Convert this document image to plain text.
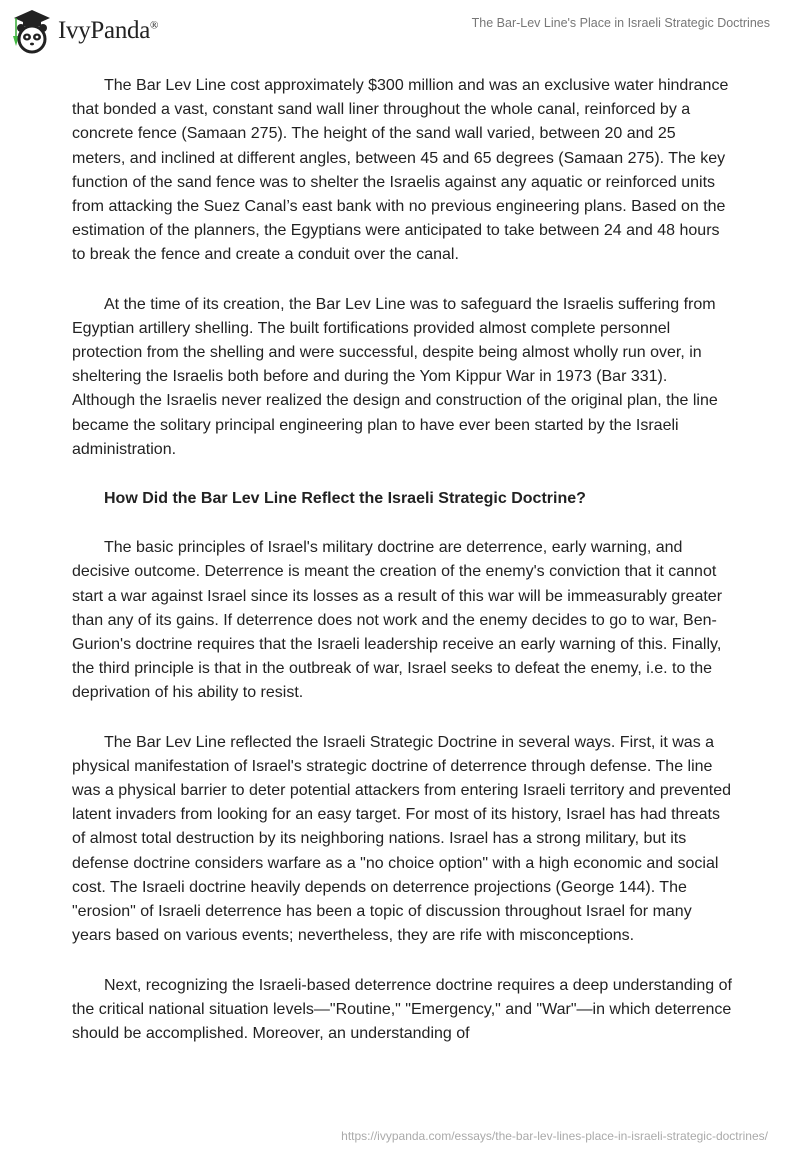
IvyPanda®	The Bar-Lev Line's Place in Israeli Strategic Doctrines

The Bar Lev Line cost approximately $300 million and was an exclusive water hindrance that bonded a vast, constant sand wall liner throughout the whole canal, reinforced by a concrete fence (Samaan 275). The height of the sand wall varied, between 20 and 25 meters, and inclined at different angles, between 45 and 65 degrees (Samaan 275). The key function of the sand fence was to shelter the Israelis against any aquatic or reinforced units from attacking the Suez Canal’s east bank with no previous engineering plans. Based on the estimation of the planners, the Egyptians were anticipated to take between 24 and 48 hours to break the fence and create a conduit over the canal.

At the time of its creation, the Bar Lev Line was to safeguard the Israelis suffering from Egyptian artillery shelling. The built fortifications provided almost complete personnel protection from the shelling and were successful, despite being almost wholly run over, in sheltering the Israelis both before and during the Yom Kippur War in 1973 (Bar 331). Although the Israelis never realized the design and construction of the original plan, the line became the solitary principal engineering plan to have ever been started by the Israeli administration.

How Did the Bar Lev Line Reflect the Israeli Strategic Doctrine?

The basic principles of Israel's military doctrine are deterrence, early warning, and decisive outcome. Deterrence is meant the creation of the enemy's conviction that it cannot start a war against Israel since its losses as a result of this war will be immeasurably greater than any of its gains. If deterrence does not work and the enemy decides to go to war, Ben-Gurion's doctrine requires that the Israeli leadership receive an early warning of this. Finally, the third principle is that in the outbreak of war, Israel seeks to defeat the enemy, i.e. to the deprivation of his ability to resist.

The Bar Lev Line reflected the Israeli Strategic Doctrine in several ways. First, it was a physical manifestation of Israel's strategic doctrine of deterrence through defense. The line was a physical barrier to deter potential attackers from entering Israeli territory and prevented latent invaders from looking for an easy target. For most of its history, Israel has had threats of almost total destruction by its neighboring nations. Israel has a strong military, but its defense doctrine considers warfare as a "no choice option" with a high economic and social cost. The Israeli doctrine heavily depends on deterrence projections (George 144). The "erosion" of Israeli deterrence has been a topic of discussion throughout Israel for many years based on various events; nevertheless, they are rife with misconceptions.

Next, recognizing the Israeli-based deterrence doctrine requires a deep understanding of the critical national situation levels—"Routine," "Emergency," and "War"—in which deterrence should be accomplished. Moreover, an understanding of

https://ivypanda.com/essays/the-bar-lev-lines-place-in-israeli-strategic-doctrines/
